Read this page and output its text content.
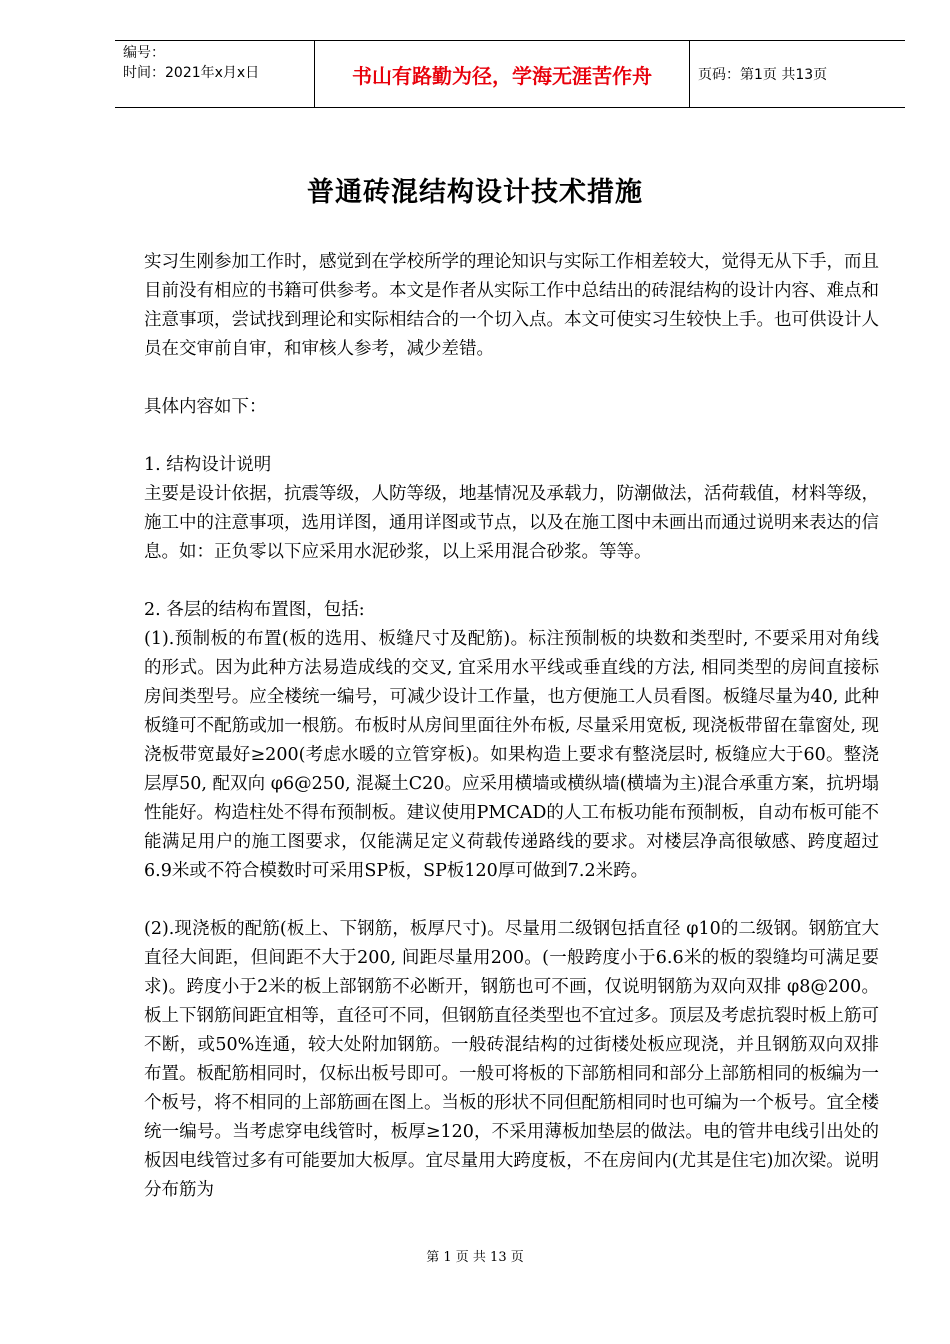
编号：
时间：2021年x月x日	书山有路勤为径，学海无涯苦作舟	页码：第1页 共13页
普通砖混结构设计技术措施

实习生刚参加工作时，感觉到在学校所学的理论知识与实际工作相差较大，觉得无从下手，而且目前没有相应的书籍可供参考。本文是作者从实际工作中总结出的砖混结构的设计内容、难点和注意事项，尝试找到理论和实际相结合的一个切入点。本文可使实习生较快上手。也可供设计人员在交审前自审，和审核人参考，减少差错。

具体内容如下：

1. 结构设计说明

主要是设计依据，抗震等级，人防等级，地基情况及承载力，防潮做法，活荷载值，材料等级，施工中的注意事项，选用详图，通用详图或节点，以及在施工图中未画出而通过说明来表达的信息。如：正负零以下应采用水泥砂浆，以上采用混合砂浆。等等。

2. 各层的结构布置图，包括:

(1).预制板的布置(板的选用、板缝尺寸及配筋)。标注预制板的块数和类型时, 不要采用对角线的形式。因为此种方法易造成线的交叉, 宜采用水平线或垂直线的方法, 相同类型的房间直接标房间类型号。应全楼统一编号，可减少设计工作量，也方便施工人员看图。板缝尽量为40, 此种板缝可不配筋或加一根筋。布板时从房间里面往外布板, 尽量采用宽板, 现浇板带留在靠窗处, 现浇板带宽最好≥200(考虑水暖的立管穿板)。如果构造上要求有整浇层时, 板缝应大于60。整浇层厚50, 配双向 φ6@250, 混凝土C20。应采用横墙或横纵墙(横墙为主)混合承重方案，抗坍塌性能好。构造柱处不得布预制板。建议使用PMCAD的人工布板功能布预制板，自动布板可能不能满足用户的施工图要求，仅能满足定义荷载传递路线的要求。对楼层净高很敏感、跨度超过6.9米或不符合模数时可采用SP板，SP板120厚可做到7.2米跨。

(2).现浇板的配筋(板上、下钢筋，板厚尺寸)。尽量用二级钢包括直径 φ10的二级钢。钢筋宜大直径大间距，但间距不大于200, 间距尽量用200。(一般跨度小于6.6米的板的裂缝均可满足要求)。跨度小于2米的板上部钢筋不必断开，钢筋也可不画，仅说明钢筋为双向双排 φ8@200。板上下钢筋间距宜相等，直径可不同，但钢筋直径类型也不宜过多。顶层及考虑抗裂时板上筋可不断，或50%连通，较大处附加钢筋。一般砖混结构的过街楼处板应现浇，并且钢筋双向双排布置。板配筋相同时，仅标出板号即可。一般可将板的下部筋相同和部分上部筋相同的板编为一个板号，将不相同的上部筋画在图上。当板的形状不同但配筋相同时也可编为一个板号。宜全楼统一编号。当考虑穿电线管时，板厚≥120，不采用薄板加垫层的做法。电的管井电线引出处的板因电线管过多有可能要加大板厚。宜尽量用大跨度板，不在房间内(尤其是住宅)加次梁。说明分布筋为

第 1 页 共 13 页
